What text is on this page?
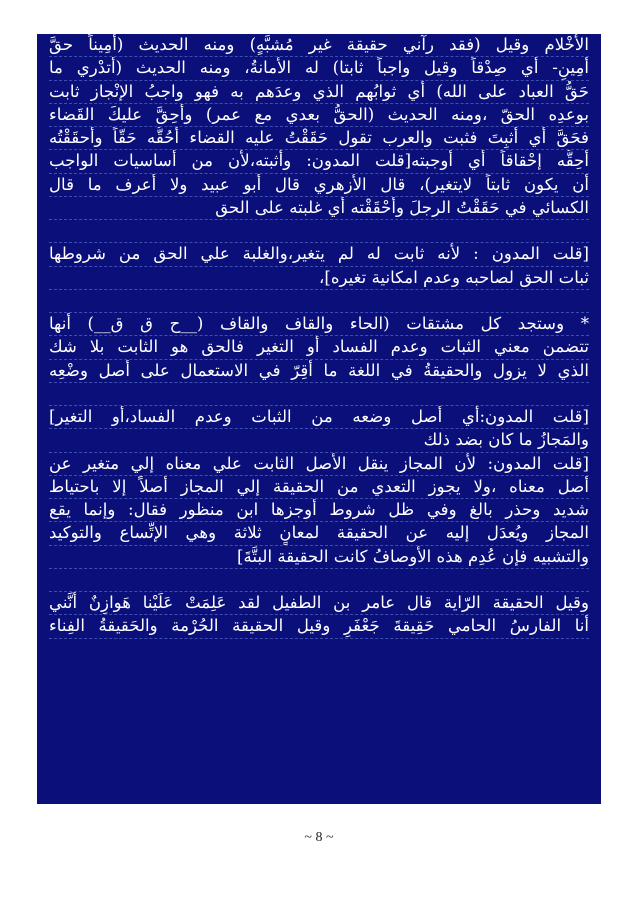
الأخْلام وقيل (فقد رآني حقيقة غير مُشبَّهٍ) ومنه الحديث (أمِيناً حقَّ
أمِينٍ- أي صِدْقاً وقيل واجباً ثابتا) له الأمانةُ، ومنه الحديث (أتدْري ما
حَقُّ العباد على الله) أي ثوابُهم الذي وعدَهم به فهو واجبُ الإنْجاز ثابت
بوعدِه الحقّ ،ومنه الحديث (الحقُّ بعدي مع عمر) وأُحِقَّ عليكَ القَضاء
فحَقَّ أي أُثبِتَ فثبت والعرب تقول حَقَقْتُ عليه القضاء أحُقُّه حَقّاً وأحقَقْتُه
أُحِقُّه إحْقاقاً أي أوجبته[قلت المدون: وأثبته،لأن من أساسيات الواجب
أن يكون ثابتاً لايتغير)، قال الأزهري قال أبو عبيد ولا أعرف ما قال
الكسائي في حَقَقْتُ الرجلَ وأحْقَقْته أي غلبته على الحق
[قلت المدون : لأنه ثابت له لم يتغير،والغلبة علي الحق من شروطها
ثبات الحق لصاحبه وعدم امكانية تغيره]،
* وستجد كل مشتقات (الحاء والقاف والقاف (__ح ق ق__) أنها
تتضمن معني الثبات وعدم الفساد أو التغير فالحق هو الثابت بلا شك
الذي لا يزول والحقيقةُ في اللغة ما أُقِرّ في الاستعمال على أصل وضْعِه
[قلت المدون:أي أصل وضعه من الثبات وعدم الفساد،أو التغير]
والمَجازُ ما كان بضد ذلك
[قلت المدون: لأن المجاز ينقل الأصل الثابت علي معناه إلي متغير عن
أصل معناه ،ولا يجوز التعدي من الحقيقة إلي المجاز أصلاً إلا باحتياط
شديد وحذر بالغ وفي ظل شروط أوجزها ابن منظور فقال: وإنما يقع
المجاز ويُعدَل إليه عن الحقيقة لمعانٍ ثلاثة وهي الإتِّساع والتوكيد
والتشبيه فإن عُدِم هذه الأوصافُ كانت الحقيقة البتَّةَ]
وقيل الحقيقة الرّاية قال عامر بن الطفيل لقد عَلِمَتْ عَلَيْنا هَوازِنٌ أنَّني
أنا الفارسُ الحامي حَقِيقةَ جَعْفَرِ وقيل الحقيقة الحُرْمة والحَقيقةُ الفِناء
~ 8 ~
